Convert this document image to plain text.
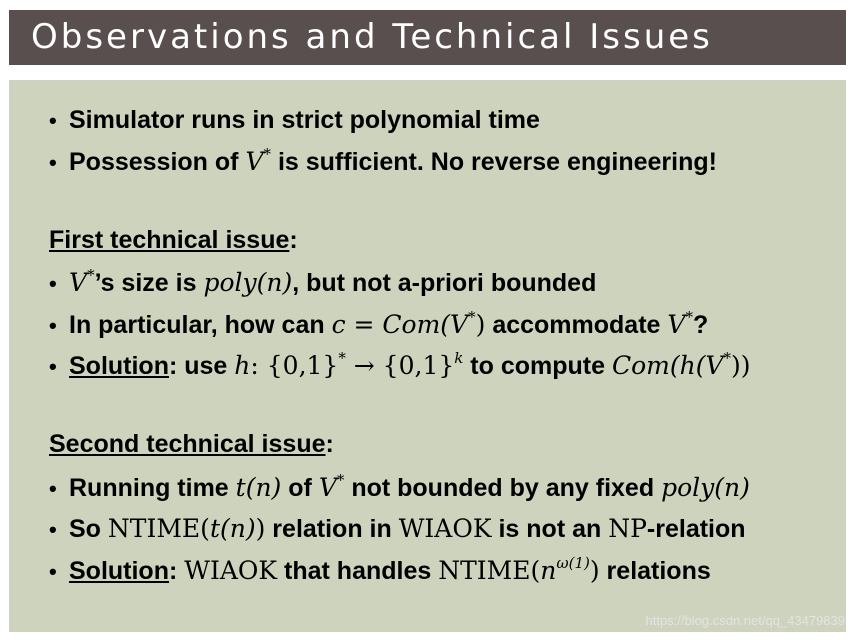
Observations and Technical Issues
• Simulator runs in strict polynomial time
• Possession of V* is sufficient. No reverse engineering!
First technical issue:
• V*’s size is poly(n), but not a-priori bounded
• In particular, how can c = Com(V*) accommodate V*?
• Solution: use h: $\{0,1\}^* \to \{0,1\}^k$ to compute Com(h(V*))
Second technical issue:
• Running time t(n) of V* not bounded by any fixed poly(n)
• So NTIME(t(n)) relation in WIAOK is not an NP-relation
• Solution: WIAOK that handles $NTIME(n^{\omega(1)})$ relations
https://blog.csdn.net/qq_43479839
